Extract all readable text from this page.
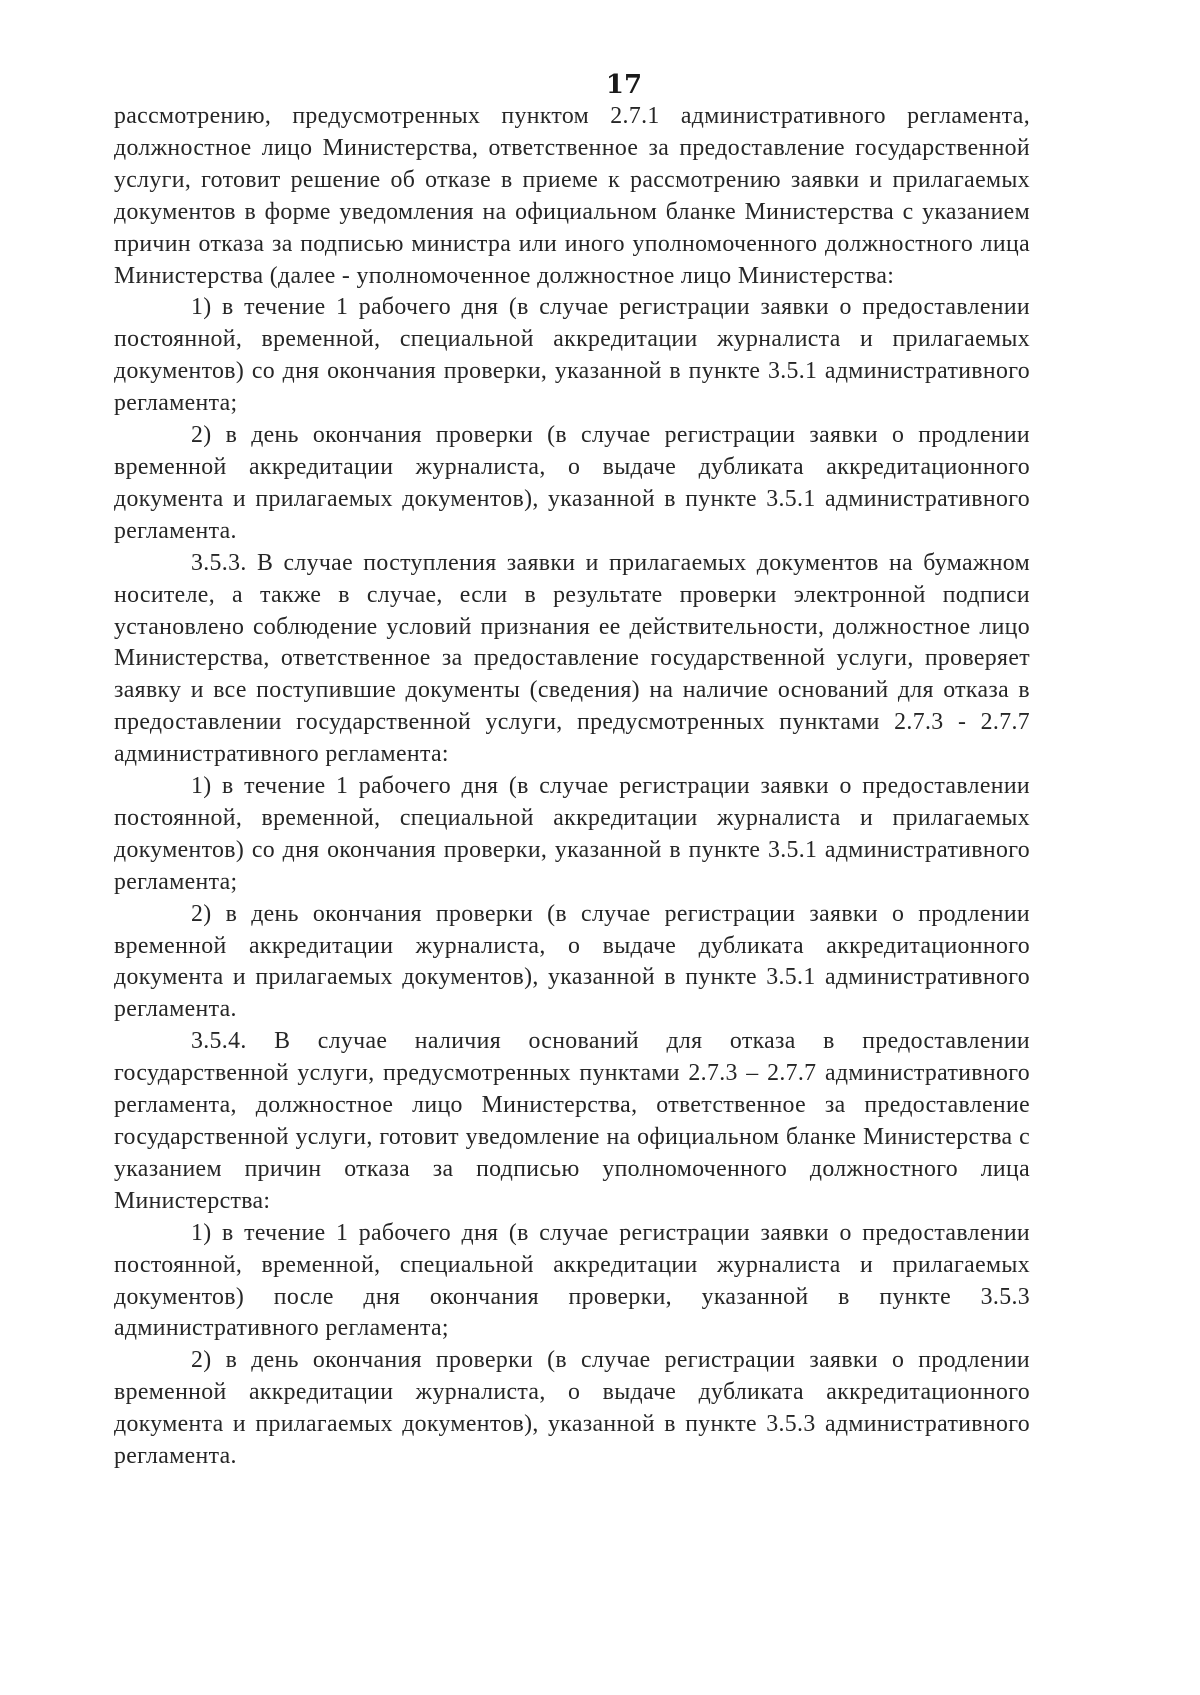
17

рассмотрению, предусмотренных пунктом 2.7.1 административного регламента, должностное лицо Министерства, ответственное за предоставление государственной услуги, готовит решение об отказе в приеме к рассмотрению заявки и прилагаемых документов в форме уведомления на официальном бланке Министерства с указанием причин отказа за подписью министра или иного уполномоченного должностного лица Министерства (далее - уполномоченное должностное лицо Министерства:

1) в течение 1 рабочего дня (в случае регистрации заявки о предоставлении постоянной, временной, специальной аккредитации журналиста и прилагаемых документов) со дня окончания проверки, указанной в пункте 3.5.1 административного регламента;

2) в день окончания проверки (в случае регистрации заявки о продлении временной аккредитации журналиста, о выдаче дубликата аккредитационного документа и прилагаемых документов), указанной в пункте 3.5.1 административного регламента.

3.5.3. В случае поступления заявки и прилагаемых документов на бумажном носителе, а также в случае, если в результате проверки электронной подписи установлено соблюдение условий признания ее действительности, должностное лицо Министерства, ответственное за предоставление государственной услуги, проверяет заявку и все поступившие документы (сведения) на наличие оснований для отказа в предоставлении государственной услуги, предусмотренных пунктами 2.7.3 - 2.7.7 административного регламента:

1) в течение 1 рабочего дня (в случае регистрации заявки о предоставлении постоянной, временной, специальной аккредитации журналиста и прилагаемых документов) со дня окончания проверки, указанной в пункте 3.5.1 административного регламента;

2) в день окончания проверки (в случае регистрации заявки о продлении временной аккредитации журналиста, о выдаче дубликата аккредитационного документа и прилагаемых документов), указанной в пункте 3.5.1 административного регламента.

3.5.4. В случае наличия оснований для отказа в предоставлении государственной услуги, предусмотренных пунктами 2.7.3 – 2.7.7 административного регламента, должностное лицо Министерства, ответственное за предоставление государственной услуги, готовит уведомление на официальном бланке Министерства с указанием причин отказа за подписью уполномоченного должностного лица Министерства:

1) в течение 1 рабочего дня (в случае регистрации заявки о предоставлении постоянной, временной, специальной аккредитации журналиста и прилагаемых документов) после дня окончания проверки, указанной в пункте 3.5.3 административного регламента;

2) в день окончания проверки (в случае регистрации заявки о продлении временной аккредитации журналиста, о выдаче дубликата аккредитационного документа и прилагаемых документов), указанной в пункте 3.5.3 административного регламента.
